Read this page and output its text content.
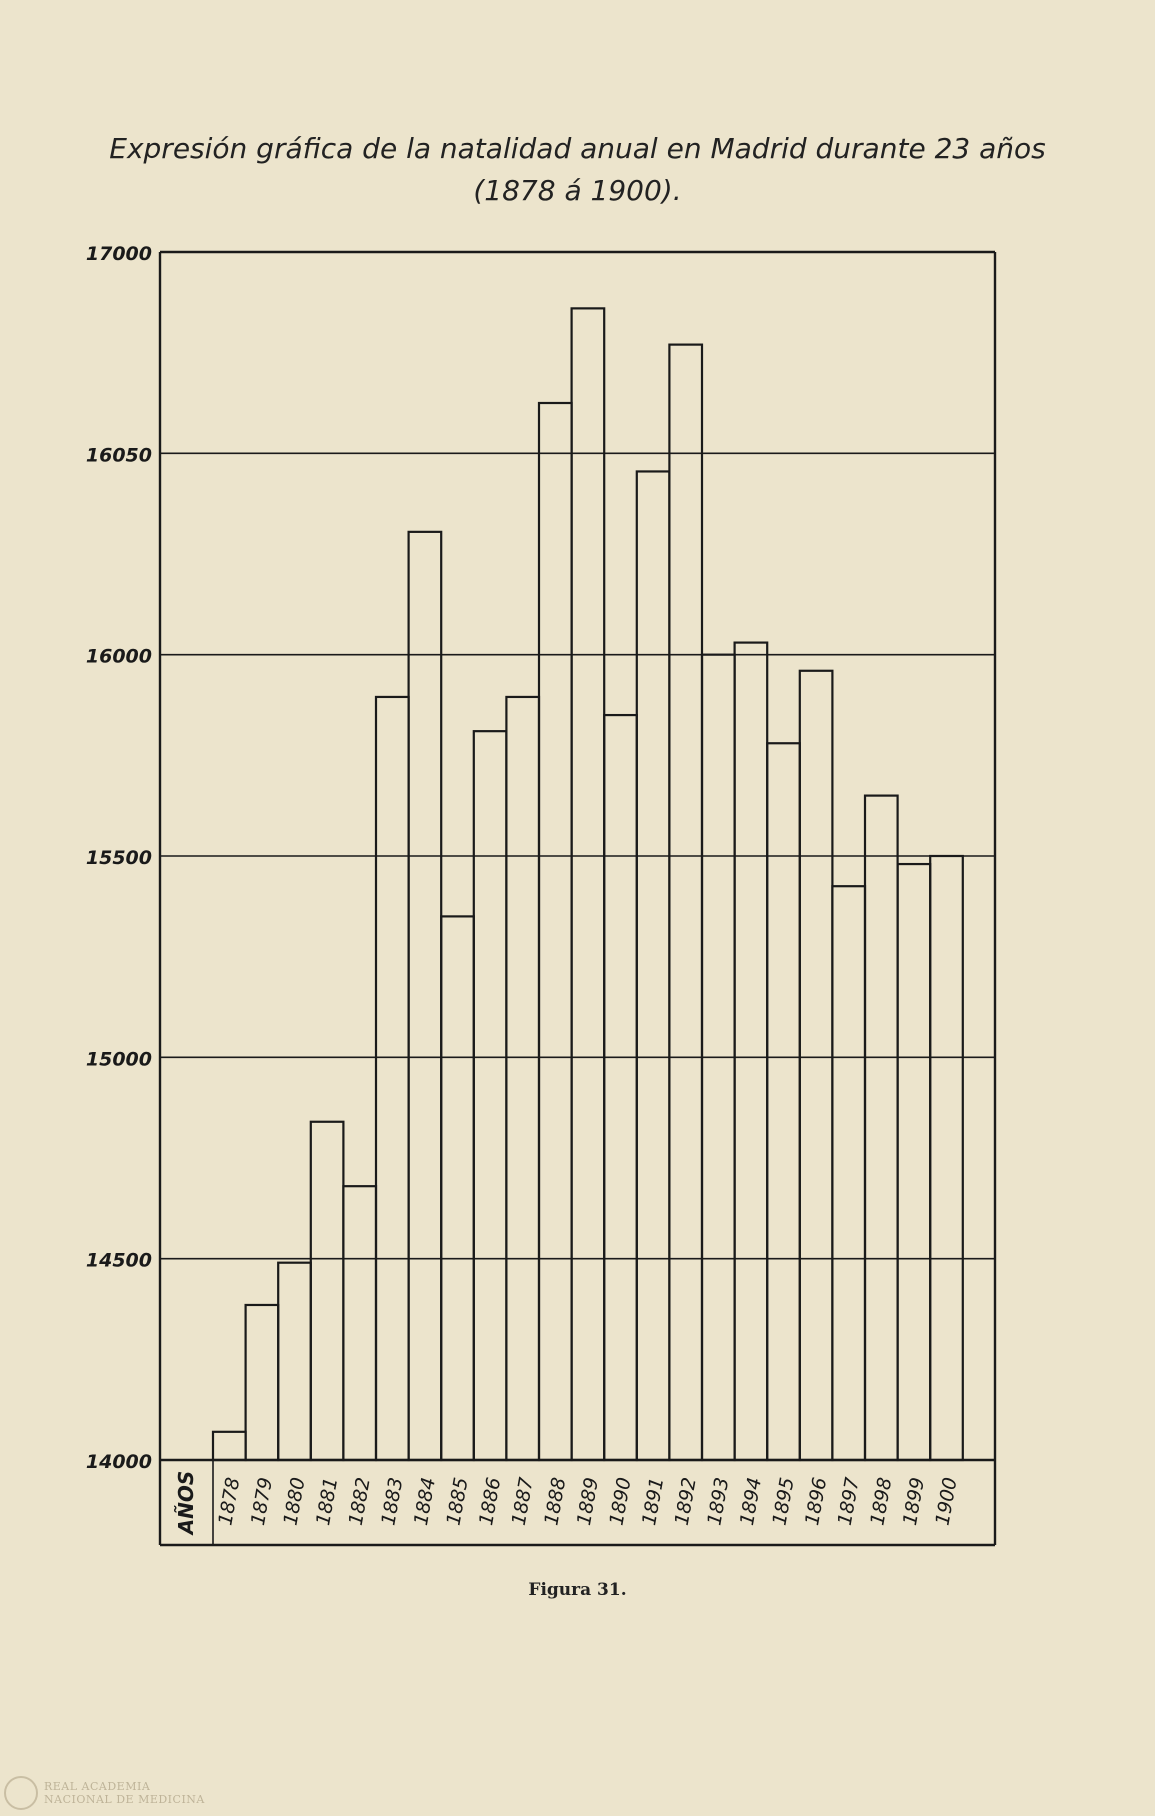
Expresión gráfica de la natalidad anual en Madrid durante 23 años
(1878 á 1900).
17000
16050
16000
15500
15000
14500
14000
AÑOS 1878 1879 1880 1881 1882 1883 1884 1885 1886 1887 1888 1889 1890 1891 1892 1893 1894 1895 1896 1897 1898 1899 1900
Figura 31.
REAL ACADEMIA
NACIONAL DE MEDICINA
